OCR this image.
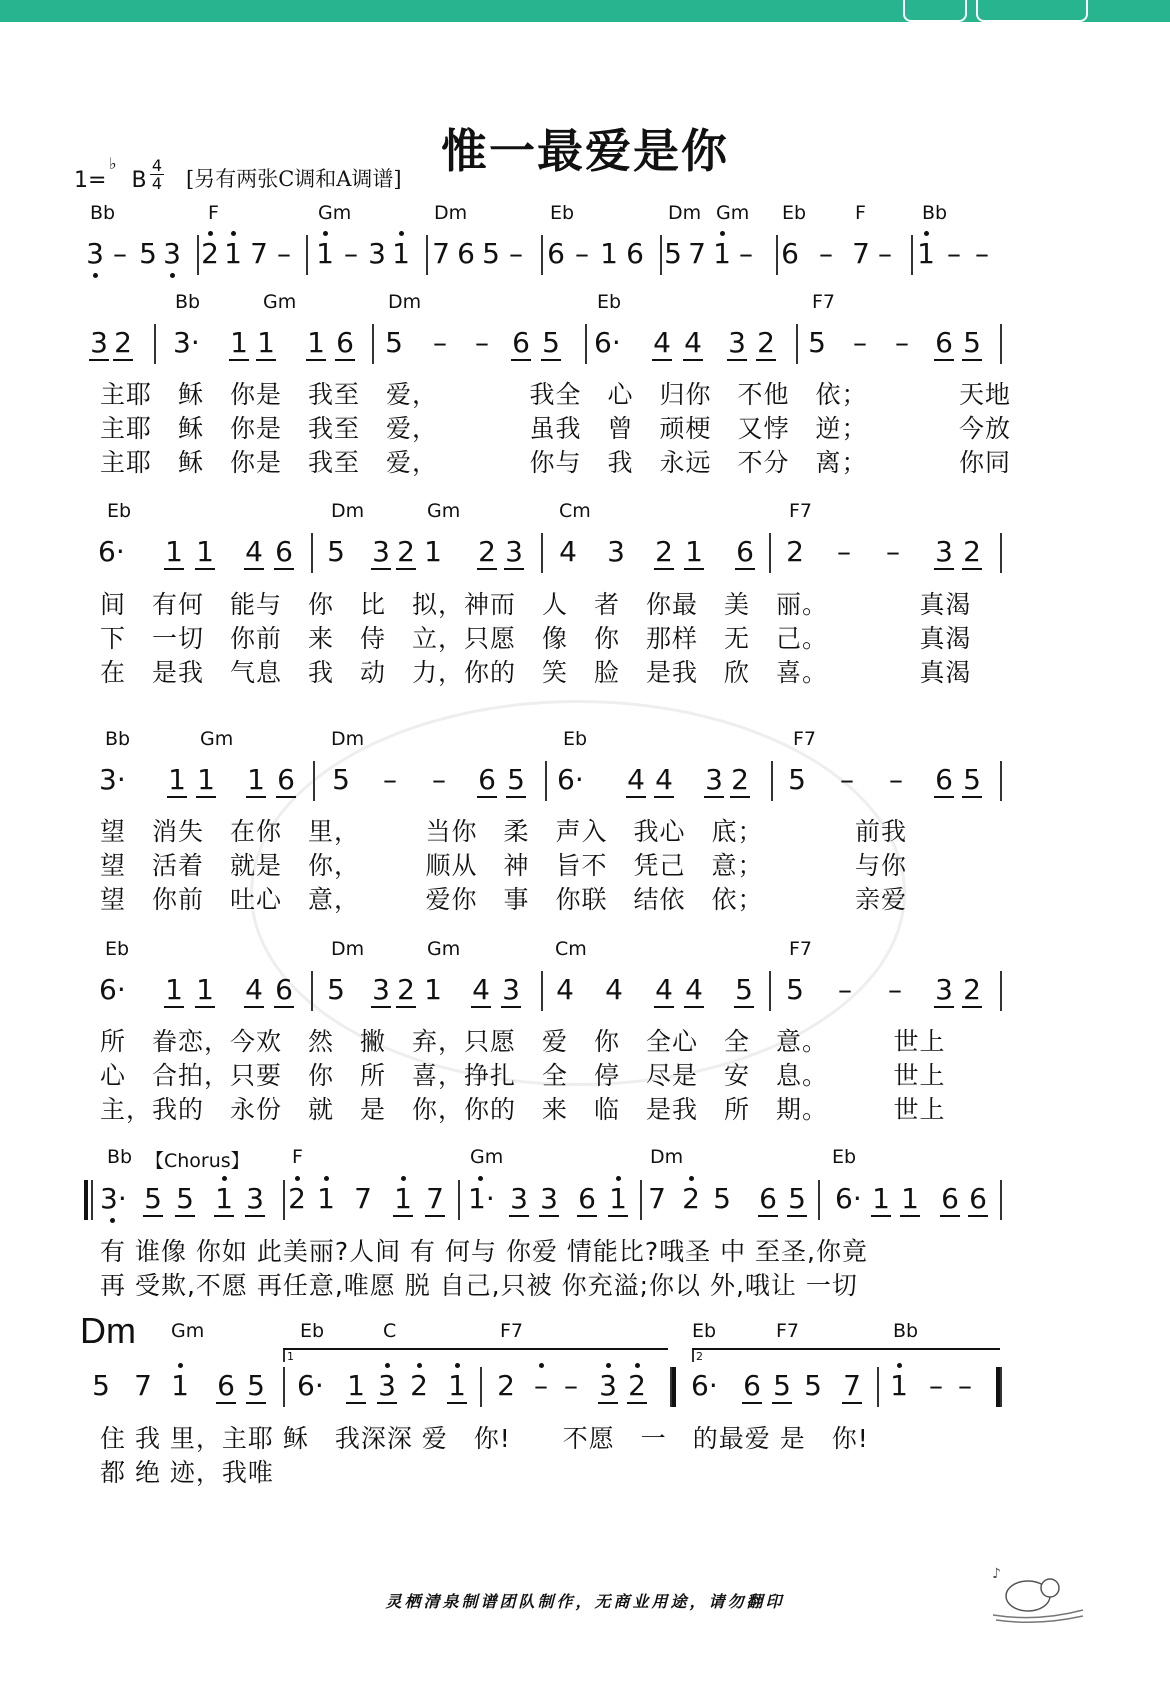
惟一最爱是你
1=
♭
B
4
4 [另有两张C调和A调谱]
Bb	F	Gm	Dm	Eb	Dm Gm Eb	F	Bb
3 – 5 3 2 1 7 – 1 – 3 1 7 6 5 – 6 – 1 6 5 7 1 – 6 – 7 – 1 – –
Bb	Gm	Dm	Eb	F7
3 2 3· 1 1 1 6 5 – – 6 5 6· 4 4 3 2 5 – – 6 5
主耶　稣　你是　我至　爱，　　　　我全　心　归你　不他　依；　　　　天地
主耶　稣　你是　我至　爱，　　　　虽我　曾　顽梗　又悖　逆；　　　　今放
主耶　稣　你是　我至　爱，　　　　你与　我　永远　不分　离；　　　　你同
Eb	Dm	Gm	Cm	F7
6· 1 1 4 6 5 3 2 1 2 3 4 3 2 1 6 2 – – 3 2
间　有何　能与　你　比　拟，神而　人　者　你最　美　丽。　　　　真渴
下　一切　你前　来　侍　立，只愿　像　你　那样　无　己。　　　　真渴
在　是我　气息　我　动　力，你的　笑　脸　是我　欣　喜。　　　　真渴
Bb	Gm	Dm	Eb	F7
3· 1 1 1 6 5 – – 6 5 6· 4 4 3 2 5 – – 6 5
望　消失　在你　里，　　　当你　柔　声入　我心　底；　　　　前我
望　活着　就是　你，　　　顺从　神　旨不　凭己　意；　　　　与你
望　你前　吐心　意，　　　爱你　事　你联　结依　依；　　　　亲爱
Eb	Dm	Gm	Cm	F7
6· 1 1 4 6 5 3 2 1 4 3 4 4 4 4 5 5 – – 3 2
所　眷恋，今欢　然　撇　弃，只愿　爱　你　全心　全　意。　　　世上
心　合拍，只要　你　所　喜，挣扎　全　停　尽是　安　息。　　　世上
主，我的　永份　就　是　你，你的　来　临　是我　所　期。　　　世上
Bb 【Chorus】 F	Gm	Dm	Eb
3· 5 5 1 3 2 1 7 1 7 1· 3 3 6 1 7 2 5 6 5 6· 1 1 6 6
有 谁像 你如 此美丽?人间 有 何与 你爱 情能比?哦圣 中 至圣,你竟
再 受欺,不愿 再任意,唯愿 脱 自己,只被 你充溢;你以 外,哦让 一切
Dm Gm	Eb	C	F7	Eb	F7	Bb
5 7 1 6 5 6· 1 3 2 1 2 – – 3 2 6· 6 5 5 7 1 – –
住 我 里，主耶 稣　我深深 爱　你!　　不愿　一　的最爱 是　你!
都 绝 迹，我唯
1	2
灵栖清泉制谱团队制作，无商业用途，请勿翻印
♪
